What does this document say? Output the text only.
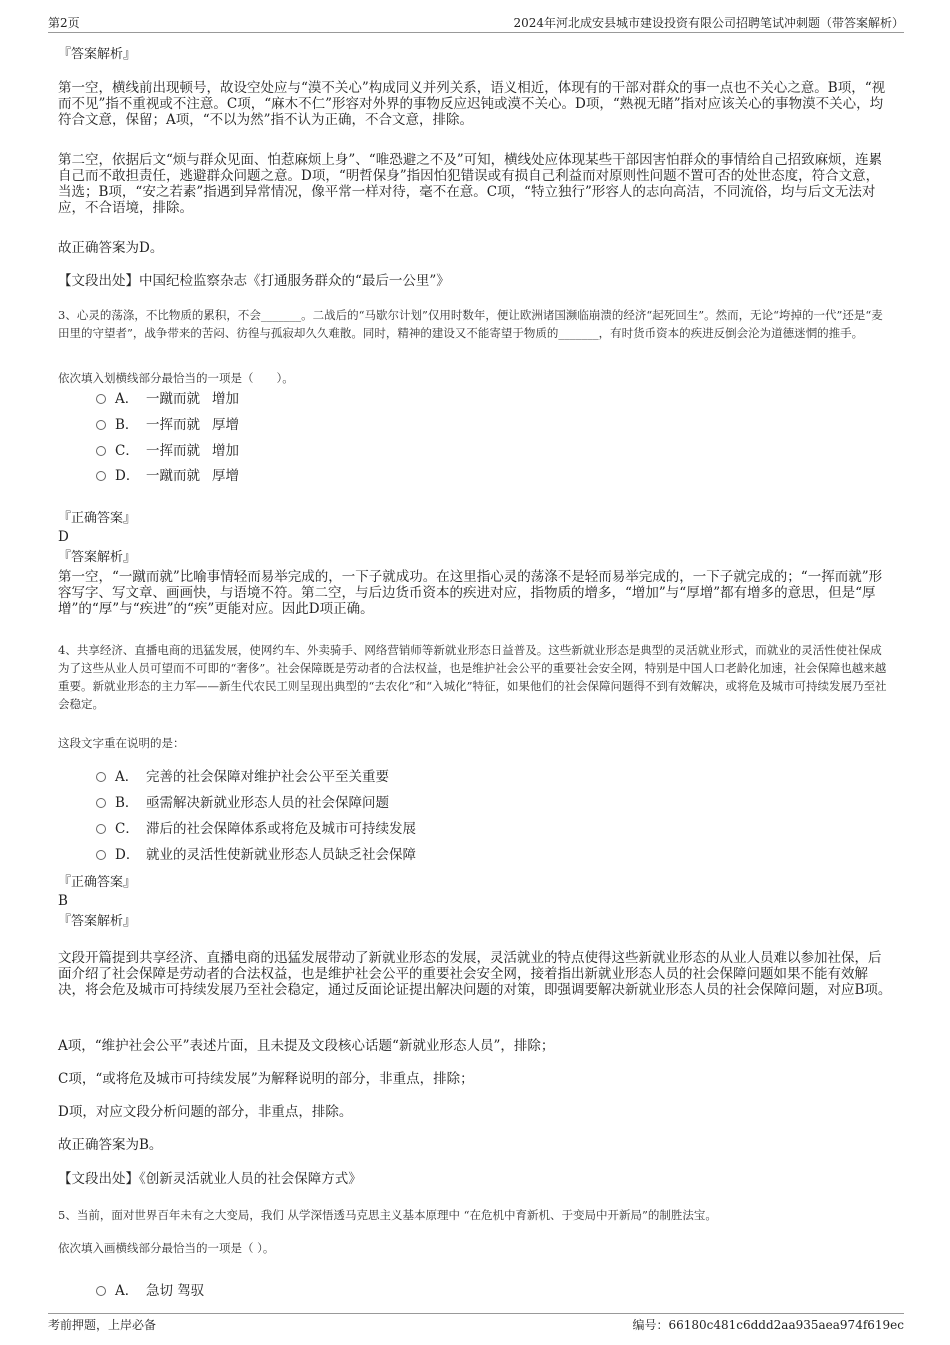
第2页	2024年河北成安县城市建设投资有限公司招聘笔试冲刺题（带答案解析）

『答案解析』

第一空，横线前出现顿号，故设空处应与“漠不关心”构成同义并列关系，语义相近，体现有的干部对群众的事一点也不关心之意。B项，“视而不见”指不重视或不注意。C项，“麻木不仁”形容对外界的事物反应迟钝或漠不关心。D项，“熟视无睹”指对应该关心的事物漠不关心，均符合文意，保留；A项，“不以为然”指不认为正确，不合文意，排除。

第二空，依据后文“烦与群众见面、怕惹麻烦上身”、“唯恐避之不及”可知，横线处应体现某些干部因害怕群众的事情给自己招致麻烦，连累自己而不敢担责任，逃避群众问题之意。D项，“明哲保身”指因怕犯错误或有损自己利益而对原则性问题不置可否的处世态度，符合文意，当选；B项，“安之若素”指遇到异常情况，像平常一样对待，毫不在意。C项，“特立独行”形容人的志向高洁，不同流俗，均与后文无法对应，不合语境，排除。

故正确答案为D。

【文段出处】中国纪检监察杂志《打通服务群众的“最后一公里”》

3、心灵的荡涤，不比物质的累积，不会_______。二战后的“马歇尔计划”仅用时数年，便让欧洲诸国濒临崩溃的经济“起死回生”。然而，无论“垮掉的一代”还是“麦田里的守望者”，战争带来的苦闷、彷徨与孤寂却久久难散。同时，精神的建设又不能寄望于物质的_______，有时货币资本的疾进反倒会沦为道德迷惘的推手。

依次填入划横线部分最恰当的一项是（　　）。

A． 一蹴而就 增加
B． 一挥而就 厚增
C． 一挥而就 增加
D． 一蹴而就 厚增

『正确答案』

D

『答案解析』

第一空，“一蹴而就”比喻事情轻而易举完成的，一下子就成功。在这里指心灵的荡涤不是轻而易举完成的，一下子就完成的；“一挥而就”形容写字、写文章、画画快，与语境不符。第二空，与后边货币资本的疾进对应，指物质的增多，“增加”与“厚增”都有增多的意思，但是“厚增”的“厚”与“疾进”的“疾”更能对应。因此D项正确。

4、共享经济、直播电商的迅猛发展，使网约车、外卖骑手、网络营销师等新就业形态日益普及。这些新就业形态是典型的灵活就业形式，而就业的灵活性使社保成为了这些从业人员可望而不可即的“奢侈”。社会保障既是劳动者的合法权益，也是维护社会公平的重要社会安全网，特别是中国人口老龄化加速，社会保障也越来越重要。新就业形态的主力军——新生代农民工则呈现出典型的“去农化”和“入城化”特征，如果他们的社会保障问题得不到有效解决，或将危及城市可持续发展乃至社会稳定。

这段文字重在说明的是：

A． 完善的社会保障对维护社会公平至关重要
B． 亟需解决新就业形态人员的社会保障问题
C． 滞后的社会保障体系或将危及城市可持续发展
D． 就业的灵活性使新就业形态人员缺乏社会保障

『正确答案』

B

『答案解析』

文段开篇提到共享经济、直播电商的迅猛发展带动了新就业形态的发展，灵活就业的特点使得这些新就业形态的从业人员难以参加社保，后面介绍了社会保障是劳动者的合法权益，也是维护社会公平的重要社会安全网，接着指出新就业形态人员的社会保障问题如果不能有效解决，将会危及城市可持续发展乃至社会稳定，通过反面论证提出解决问题的对策，即强调要解决新就业形态人员的社会保障问题，对应B项。

A项，“维护社会公平”表述片面，且未提及文段核心话题“新就业形态人员”，排除；

C项，“或将危及城市可持续发展”为解释说明的部分，非重点，排除；

D项，对应文段分析问题的部分，非重点，排除。

故正确答案为B。

【文段出处】《创新灵活就业人员的社会保障方式》

5、当前，面对世界百年未有之大变局，我们 从学深悟透马克思主义基本原理中 “在危机中育新机、于变局中开新局”的制胜法宝。

依次填入画横线部分最恰当的一项是（ ）。

A． 急切 驾驭
考前押题，上岸必备	编号：66180c481c6ddd2aa935aea974f619ec
